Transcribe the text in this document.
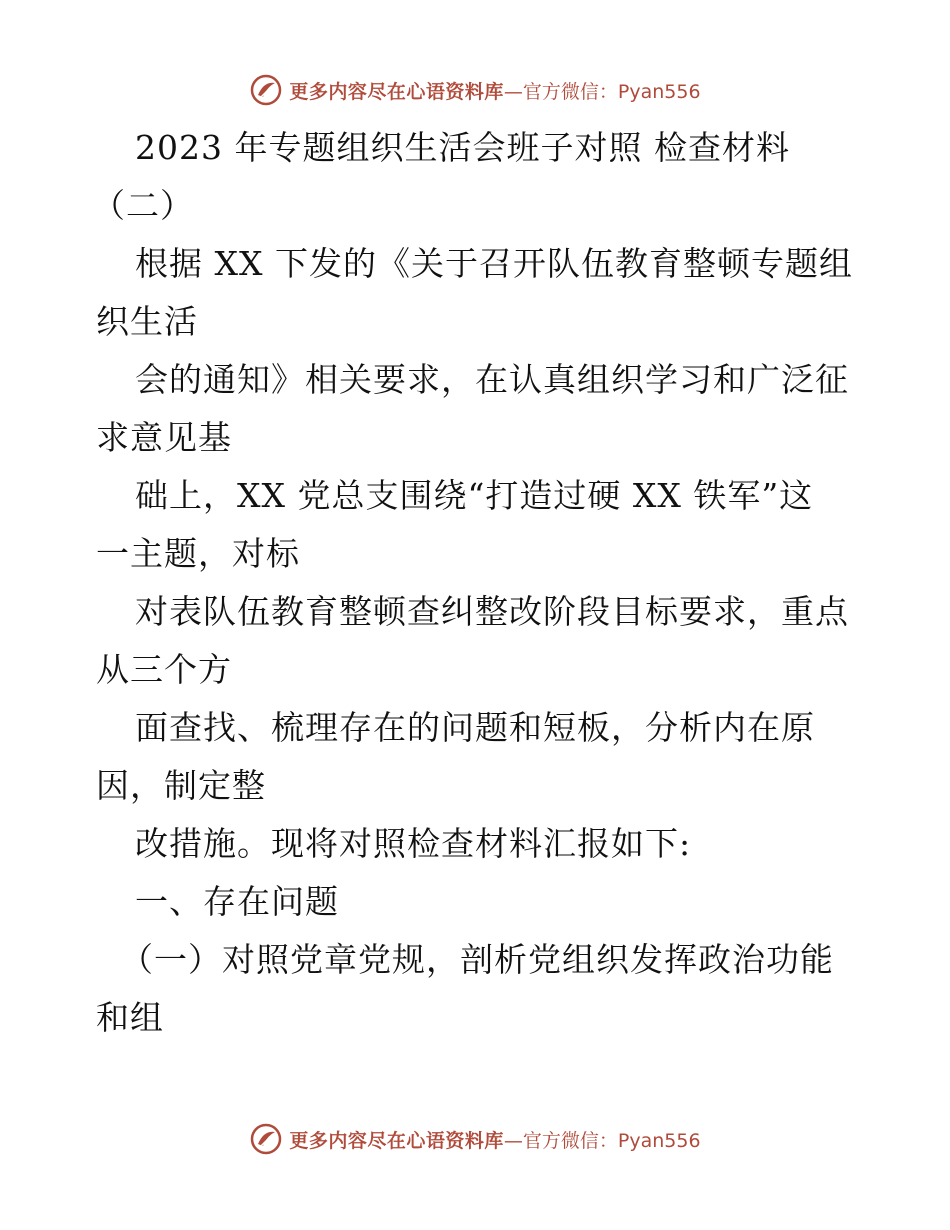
更多内容尽在心语资料库 —官方微信：Pyan556
2023 年专题组织生活会班子对照 检查材料
（二）
根据 XX 下发的《关于召开队伍教育整顿专题组
织生活
会的通知》相关要求，在认真组织学习和广泛征
求意见基
础上，XX 党总支围绕“打造过硬 XX 铁军”这
一主题，对标
对表队伍教育整顿查纠整改阶段目标要求，重点
从三个方
面查找、梳理存在的问题和短板，分析内在原
因，制定整
改措施。现将对照检查材料汇报如下:
一、存在问题
（一）对照党章党规，剖析党组织发挥政治功能
和组
更多内容尽在心语资料库 —官方微信：Pyan556
